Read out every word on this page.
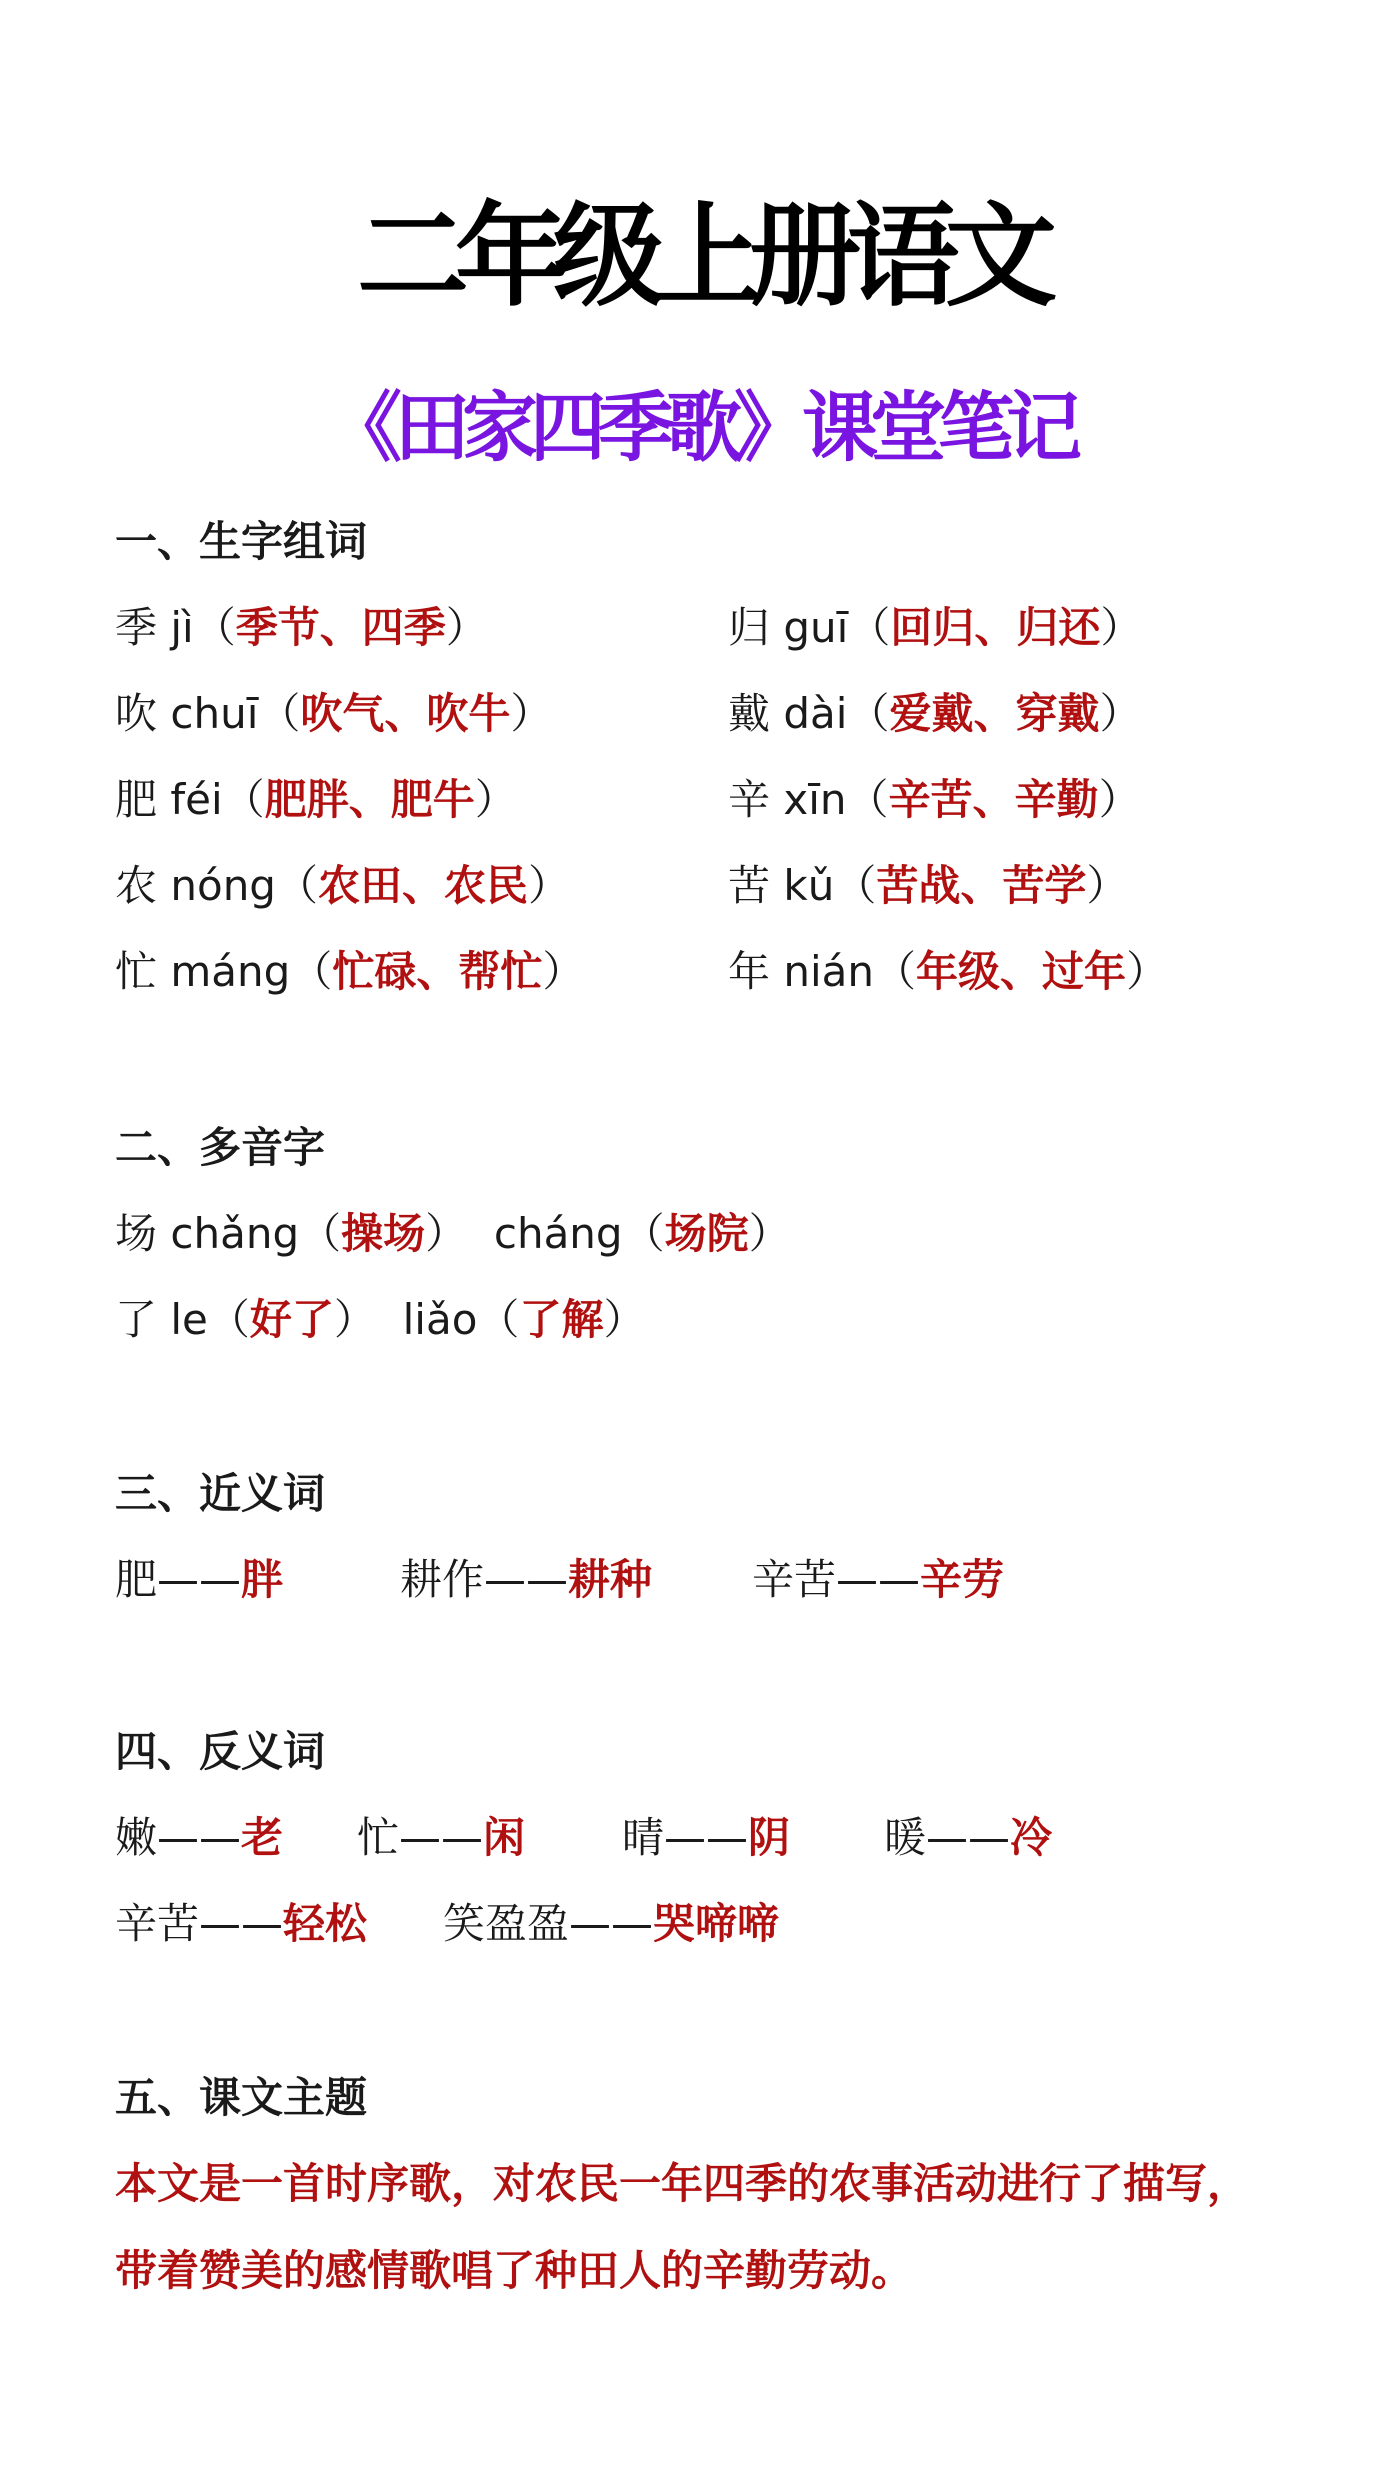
二年级上册语文
《田家四季歌》课堂笔记
一、生字组词
季 jì（季节、四季）
吹 chuī（吹气、吹牛）
肥 féi（肥胖、肥牛）
农 nóng（农田、农民）
忙 máng（忙碌、帮忙）
归 guī（回归、归还）
戴 dài（爱戴、穿戴）
辛 xīn（辛苦、辛勤）
苦 kǔ（苦战、苦学）
年 nián（年级、过年）
二、多音字
场 chǎng（操场） cháng（场院）
了 le（好了） liǎo（了解）
三、近义词
肥——胖	耕作——耕种 辛苦——辛劳
四、反义词
嫩——老 忙——闲 晴——阴 暖——冷
辛苦——轻松 笑盈盈——哭啼啼
五、课文主题
本文是一首时序歌，对农民一年四季的农事活动进行了描写，
带着赞美的感情歌唱了种田人的辛勤劳动。
